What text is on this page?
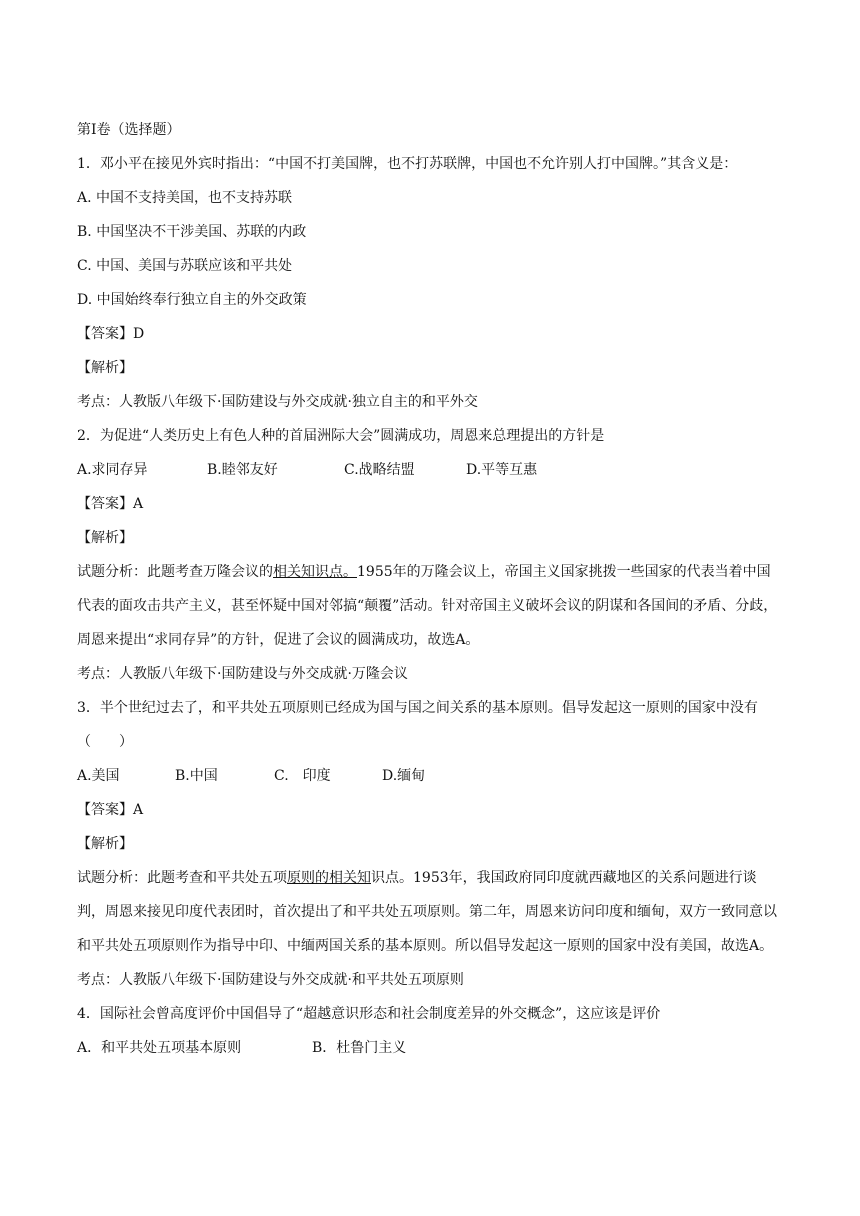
第Ⅰ卷（选择题）
1．邓小平在接见外宾时指出：“中国不打美国牌，也不打苏联牌，中国也不允许别人打中国牌。”其含义是：
A. 中国不支持美国，也不支持苏联
B. 中国坚决不干涉美国、苏联的内政
C. 中国、美国与苏联应该和平共处
D. 中国始终奉行独立自主的外交政策
【答案】D
【解析】
考点：人教版八年级下·国防建设与外交成就·独立自主的和平外交
2．为促进“人类历史上有色人种的首届洲际大会”圆满成功，周恩来总理提出的方针是
A.求同存异	B.睦邻友好	C.战略结盟	D.平等互惠
【答案】A
【解析】
试题分析：此题考查万隆会议的相关知识点。1955年的万隆会议上，帝国主义国家挑拨一些国家的代表当着中国代表的面攻击共产主义，甚至怀疑中国对邻搞“颠覆”活动。针对帝国主义破坏会议的阴谋和各国间的矛盾、分歧，周恩来提出“求同存异”的方针，促进了会议的圆满成功，故选A。
考点：人教版八年级下·国防建设与外交成就·万隆会议
3．半个世纪过去了，和平共处五项原则已经成为国与国之间关系的基本原则。倡导发起这一原则的国家中没有（　　）
A.美国	B.中国	C.　印度	D.缅甸
【答案】A
【解析】
试题分析：此题考查和平共处五项原则的相关知识点。1953年，我国政府同印度就西藏地区的关系问题进行谈判，周恩来接见印度代表团时，首次提出了和平共处五项原则。第二年，周恩来访问印度和缅甸，双方一致同意以和平共处五项原则作为指导中印、中缅两国关系的基本原则。所以倡导发起这一原则的国家中没有美国，故选A。
考点：人教版八年级下·国防建设与外交成就·和平共处五项原则
4．国际社会曾高度评价中国倡导了“超越意识形态和社会制度差异的外交概念”，这应该是评价
A．和平共处五项基本原则	B．杜鲁门主义
